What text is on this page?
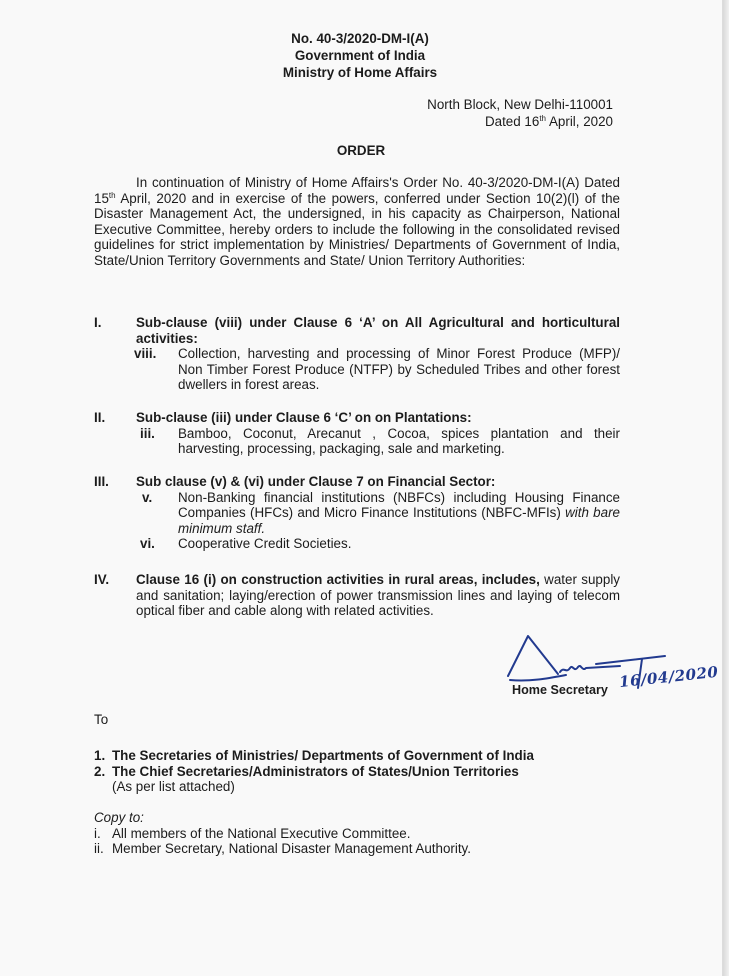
No. 40-3/2020-DM-I(A)
Government of India
Ministry of Home Affairs
North Block, New Delhi-110001
Dated 16th April, 2020
ORDER
In continuation of Ministry of Home Affairs's Order No. 40-3/2020-DM-I(A) Dated 15th April, 2020 and in exercise of the powers, conferred under Section 10(2)(l) of the Disaster Management Act, the undersigned, in his capacity as Chairperson, National Executive Committee, hereby orders to include the following in the consolidated revised guidelines for strict implementation by Ministries/ Departments of Government of India, State/Union Territory Governments and State/ Union Territory Authorities:
I.	Sub-clause (viii) under Clause 6 ‘A’ on All Agricultural and horticultural activities:
viii. Collection, harvesting and processing of Minor Forest Produce (MFP)/ Non Timber Forest Produce (NTFP) by Scheduled Tribes and other forest dwellers in forest areas.
II. Sub-clause (iii) under Clause 6 ‘C’ on on Plantations:
iii. Bamboo, Coconut, Arecanut , Cocoa, spices plantation and their harvesting, processing, packaging, sale and marketing.
III. Sub clause (v) & (vi) under Clause 7 on Financial Sector:
v. Non-Banking financial institutions (NBFCs) including Housing Finance Companies (HFCs) and Micro Finance Institutions (NBFC-MFIs) with bare minimum staff.
vi. Cooperative Credit Societies.
IV. Clause 16 (i) on construction activities in rural areas, includes, water supply and sanitation; laying/erection of power transmission lines and laying of telecom optical fiber and cable along with related activities.
Home Secretary 16/04/2020
To
1. The Secretaries of Ministries/ Departments of Government of India
2. The Chief Secretaries/Administrators of States/Union Territories
(As per list attached)
Copy to:
i. All members of the National Executive Committee.
ii. Member Secretary, National Disaster Management Authority.
